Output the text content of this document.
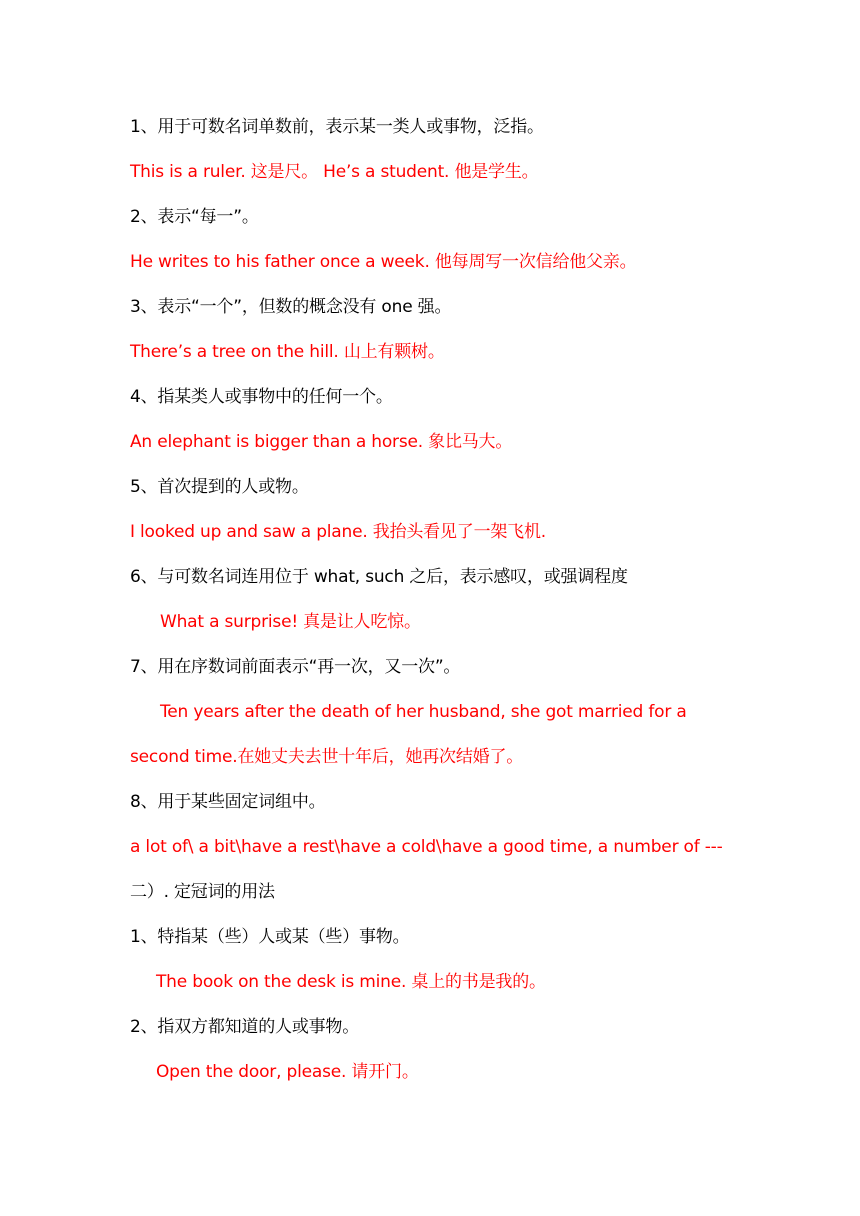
1、用于可数名词单数前，表示某一类人或事物，泛指。
This is a ruler. 这是尺。 He’s a student. 他是学生。
2、表示“每一”。
He writes to his father once a week. 他每周写一次信给他父亲。
3、表示“一个”，但数的概念没有 one 强。
There’s a tree on the hill. 山上有颗树。
4、指某类人或事物中的任何一个。
An elephant is bigger than a horse. 象比马大。
5、首次提到的人或物。
I looked up and saw a plane. 我抬头看见了一架飞机.
6、与可数名词连用位于 what, such 之后，表示感叹，或强调程度
What a surprise! 真是让人吃惊。
7、用在序数词前面表示“再一次，又一次”。
Ten years after the death of her husband, she got married for a
second time.在她丈夫去世十年后，她再次结婚了。
8、用于某些固定词组中。
a lot of\ a bit\have a rest\have a cold\have a good time, a number of ---
二）. 定冠词的用法
1、特指某（些）人或某（些）事物。
The book on the desk is mine. 桌上的书是我的。
2、指双方都知道的人或事物。
Open the door, please. 请开门。
